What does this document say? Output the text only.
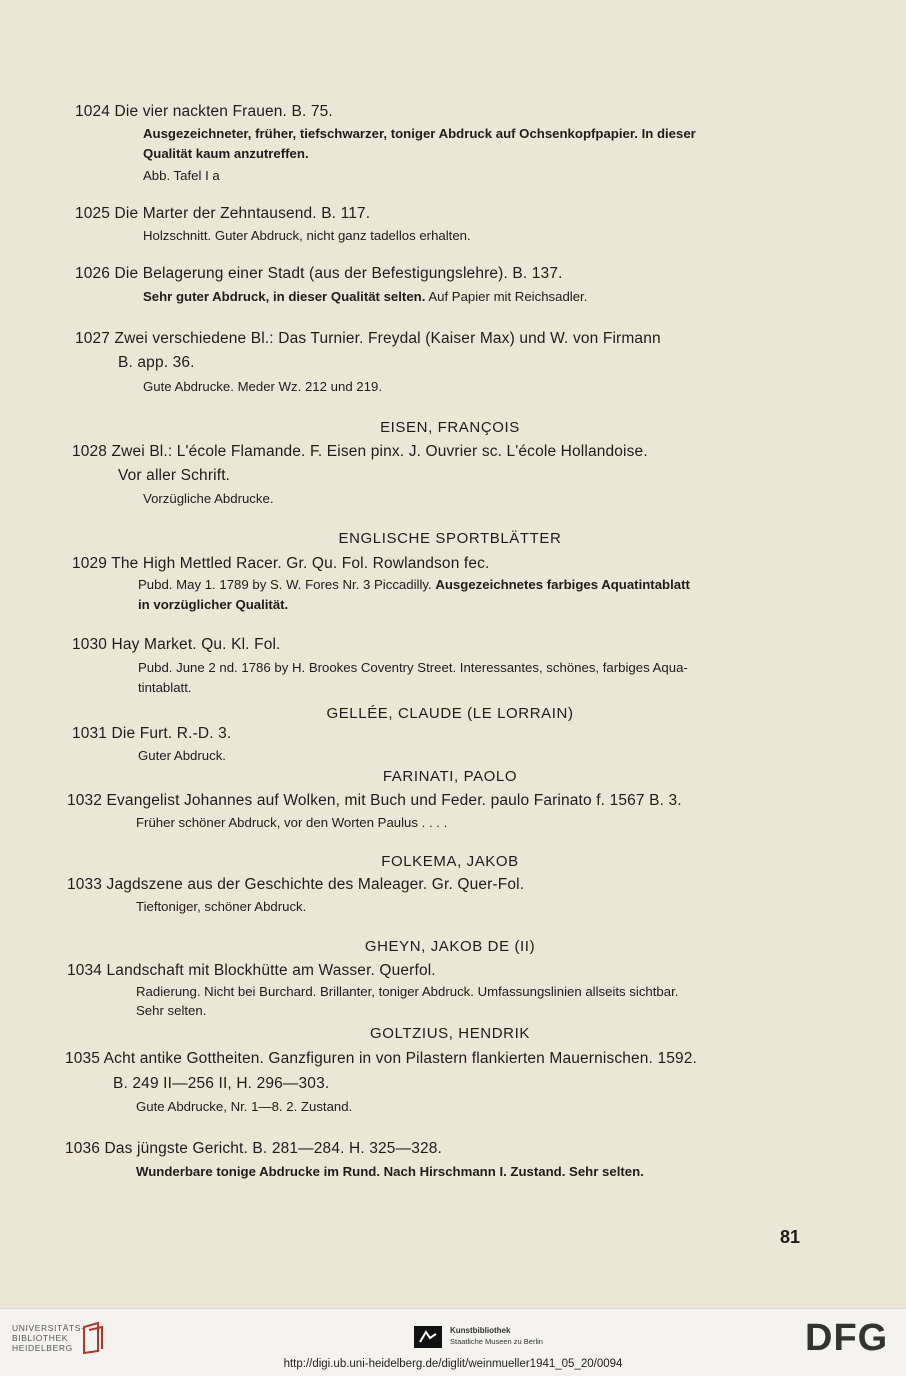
1024 Die vier nackten Frauen. B. 75.
Ausgezeichneter, früher, tiefschwarzer, toniger Abdruck auf Ochsenkopfpapier. In dieser
Qualität kaum anzutreffen.
Abb. Tafel I a
1025 Die Marter der Zehntausend. B. 117.
Holzschnitt. Guter Abdruck, nicht ganz tadellos erhalten.
1026 Die Belagerung einer Stadt (aus der Befestigungslehre). B. 137.
Sehr guter Abdruck, in dieser Qualität selten. Auf Papier mit Reichsadler.
1027 Zwei verschiedene Bl.: Das Turnier. Freydal (Kaiser Max) und W. von Firmann
B. app. 36.
Gute Abdrucke. Meder Wz. 212 und 219.
EISEN, FRANÇOIS
1028 Zwei Bl.: L'école Flamande. F. Eisen pinx. J. Ouvrier sc. L'école Hollandoise.
Vor aller Schrift.
Vorzügliche Abdrucke.
ENGLISCHE SPORTBLÄTTER
1029 The High Mettled Racer. Gr. Qu. Fol. Rowlandson fec.
Pubd. May 1. 1789 by S. W. Fores Nr. 3 Piccadilly. Ausgezeichnetes farbiges Aquatintablatt
in vorzüglicher Qualität.
1030 Hay Market. Qu. Kl. Fol.
Pubd. June 2 nd. 1786 by H. Brookes Coventry Street. Interessantes, schönes, farbiges Aqua-
tintablatt.
GELLÉE, CLAUDE (LE LORRAIN)
1031 Die Furt. R.-D. 3.
Guter Abdruck.
FARINATI, PAOLO
1032 Evangelist Johannes auf Wolken, mit Buch und Feder. paulo Farinato f. 1567 B. 3.
Früher schöner Abdruck, vor den Worten Paulus . . . .
FOLKEMA, JAKOB
1033 Jagdszene aus der Geschichte des Maleager. Gr. Quer-Fol.
Tieftoniger, schöner Abdruck.
GHEYN, JAKOB DE (II)
1034 Landschaft mit Blockhütte am Wasser. Querfol.
Radierung. Nicht bei Burchard. Brillanter, toniger Abdruck. Umfassungslinien allseits sichtbar.
Sehr selten.
GOLTZIUS, HENDRIK
1035 Acht antike Gottheiten. Ganzfiguren in von Pilastern flankierten Mauernischen. 1592.
B. 249 II—256 II, H. 296—303.
Gute Abdrucke, Nr. 1—8. 2. Zustand.
1036 Das jüngste Gericht. B. 281—284. H. 325—328.
Wunderbare tonige Abdrucke im Rund. Nach Hirschmann I. Zustand. Sehr selten.
81
UNIVERSITÄTS-
BIBLIOTHEK
HEIDELBERG
Kunstbibliothek
Staatliche Museen zu Berlin	DFG
http://digi.ub.uni-heidelberg.de/diglit/weinmueller1941_05_20/0094
